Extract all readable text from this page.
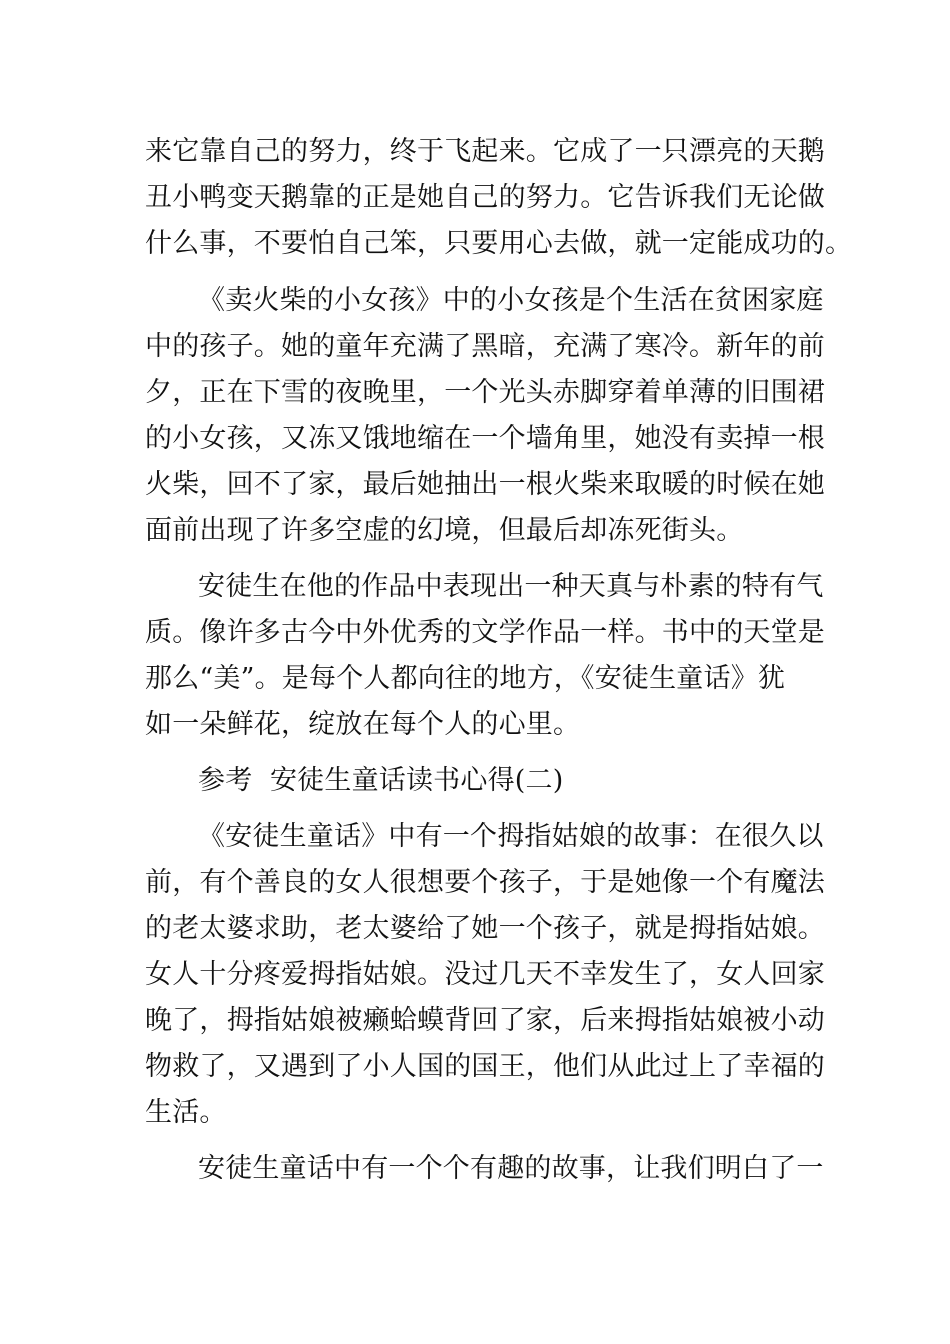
来它靠自己的努力，终于飞起来。它成了一只漂亮的天鹅
丑小鸭变天鹅靠的正是她自己的努力。它告诉我们无论做
什么事，不要怕自己笨，只要用心去做，就一定能成功的。
《卖火柴的小女孩》中的小女孩是个生活在贫困家庭
中的孩子。她的童年充满了黑暗，充满了寒冷。新年的前
夕，正在下雪的夜晚里，一个光头赤脚穿着单薄的旧围裙
的小女孩，又冻又饿地缩在一个墙角里，她没有卖掉一根
火柴，回不了家，最后她抽出一根火柴来取暖的时候在她
面前出现了许多空虚的幻境，但最后却冻死街头。
安徒生在他的作品中表现出一种天真与朴素的特有气
质。像许多古今中外优秀的文学作品一样。书中的天堂是
那么“美”。是每个人都向往的地方，《安徒生童话》犹
如一朵鲜花，绽放在每个人的心里。
参考  安徒生童话读书心得(二)
《安徒生童话》中有一个拇指姑娘的故事：在很久以
前，有个善良的女人很想要个孩子，于是她像一个有魔法
的老太婆求助，老太婆给了她一个孩子，就是拇指姑娘。
女人十分疼爱拇指姑娘。没过几天不幸发生了，女人回家
晚了，拇指姑娘被癞蛤蟆背回了家，后来拇指姑娘被小动
物救了，又遇到了小人国的国王，他们从此过上了幸福的
生活。
安徒生童话中有一个个有趣的故事，让我们明白了一
